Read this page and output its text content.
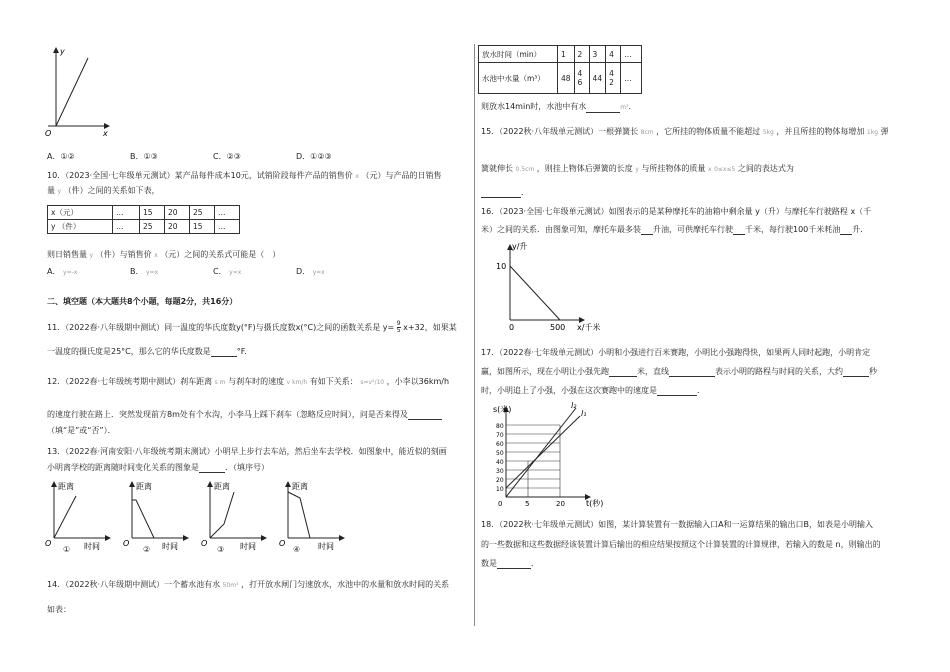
y
x
O
A．①②	B．①③	C．②③	D．①②③
10．（2023·全国·七年级单元测试）某产品每件成本10元，试销阶段每件产品的销售价 x （元）与产品的日销售
量 y （件）之间的关系如下表，
x（元）	…	15	20	25	…
y （件）	…	25	20	15	…
则日销售量 y （件）与销售价 x （元）之间的关系式可能是（　）
A． y=-x	B． y=x	C． y=x	D． y=x
二、填空题（本大题共8个小题，每题2分，共16分）
11．（2022春·八年级期中测试）同一温度的华氏度数y(°F)与摄氏度数x(°C)之间的函数关系是 $y= \frac{9}{5} x+32$，如果某
一温度的摄氏度是25°C，那么它的华氏度数是	°F.
12．（2022春·七年级统考期中测试）刹车距离 s m 与刹车时的速度 v km/h 有如下关系： s=v²/10 ，小李以36km/h
的速度行驶在路上．突然发现前方8m处有个水沟，小李马上踩下刹车（忽略反应时间），问是否来得及
（填“是”或“否”）．
13．（2022春·河南安阳·八年级统考期末测试）小明早上步行去车站，然后坐车去学校．如图象中，能近似的刻画
小明离学校的距离随时间变化关系的图象是	．（填序号）
距离
时间
O
距离
时间
O
距离
时间
O
距离
时间
O
①	②	③	④
14．（2022秋·八年级期中测试）一个蓄水池有水 50m³ ，打开放水闸门匀速放水，水池中的水量和放水时间的关系
如表：
放水时间（min）	1	2	3	4	…
水池中水量（m³）	48	46	44	42	…
则放水14min时，水池中有水	m³．
15．（2022秋·八年级单元测试）一根弹簧长 8cm ，它所挂的物体质量不能超过 5kg ，并且所挂的物体每增加 1kg 弹
簧就伸长 0.5cm ，则挂上物体后弹簧的长度 y 与所挂物体的质量 x 0≤x≤5 之间的表达式为
．
16．（2023·全国·七年级单元测试）如图表示的是某种摩托车的油箱中剩余量 y（升）与摩托车行驶路程 x（千
米）之间的关系．由图象可知，摩托车最多装 升油，可供摩托车行驶 千米，每行驶100千米耗油 升.
y/升
x/千米
0
10
500
17．（2022春·七年级单元测试）小明和小强进行百米赛跑，小明比小强跑得快，如果两人同时起跑，小明肯定
赢，如图所示，现在小明让小强先跑	米，直线	表示小明的路程与时间的关系，大约	秒
时，小明追上了小强，小强在这次赛跑中的速度是	．
s(米)
t(秒)
0
80
70
60
50
40
30
20
10
5	20
l₂
l₁
18．（2022秋·七年级单元测试）如图，某计算装置有一数据输入口A和一运算结果的输出口B，如表是小明输入
的一些数据和这些数据经该装置计算后输出的相应结果按照这个计算装置的计算规律，若输入的数是 n，则输出的
数是	．
